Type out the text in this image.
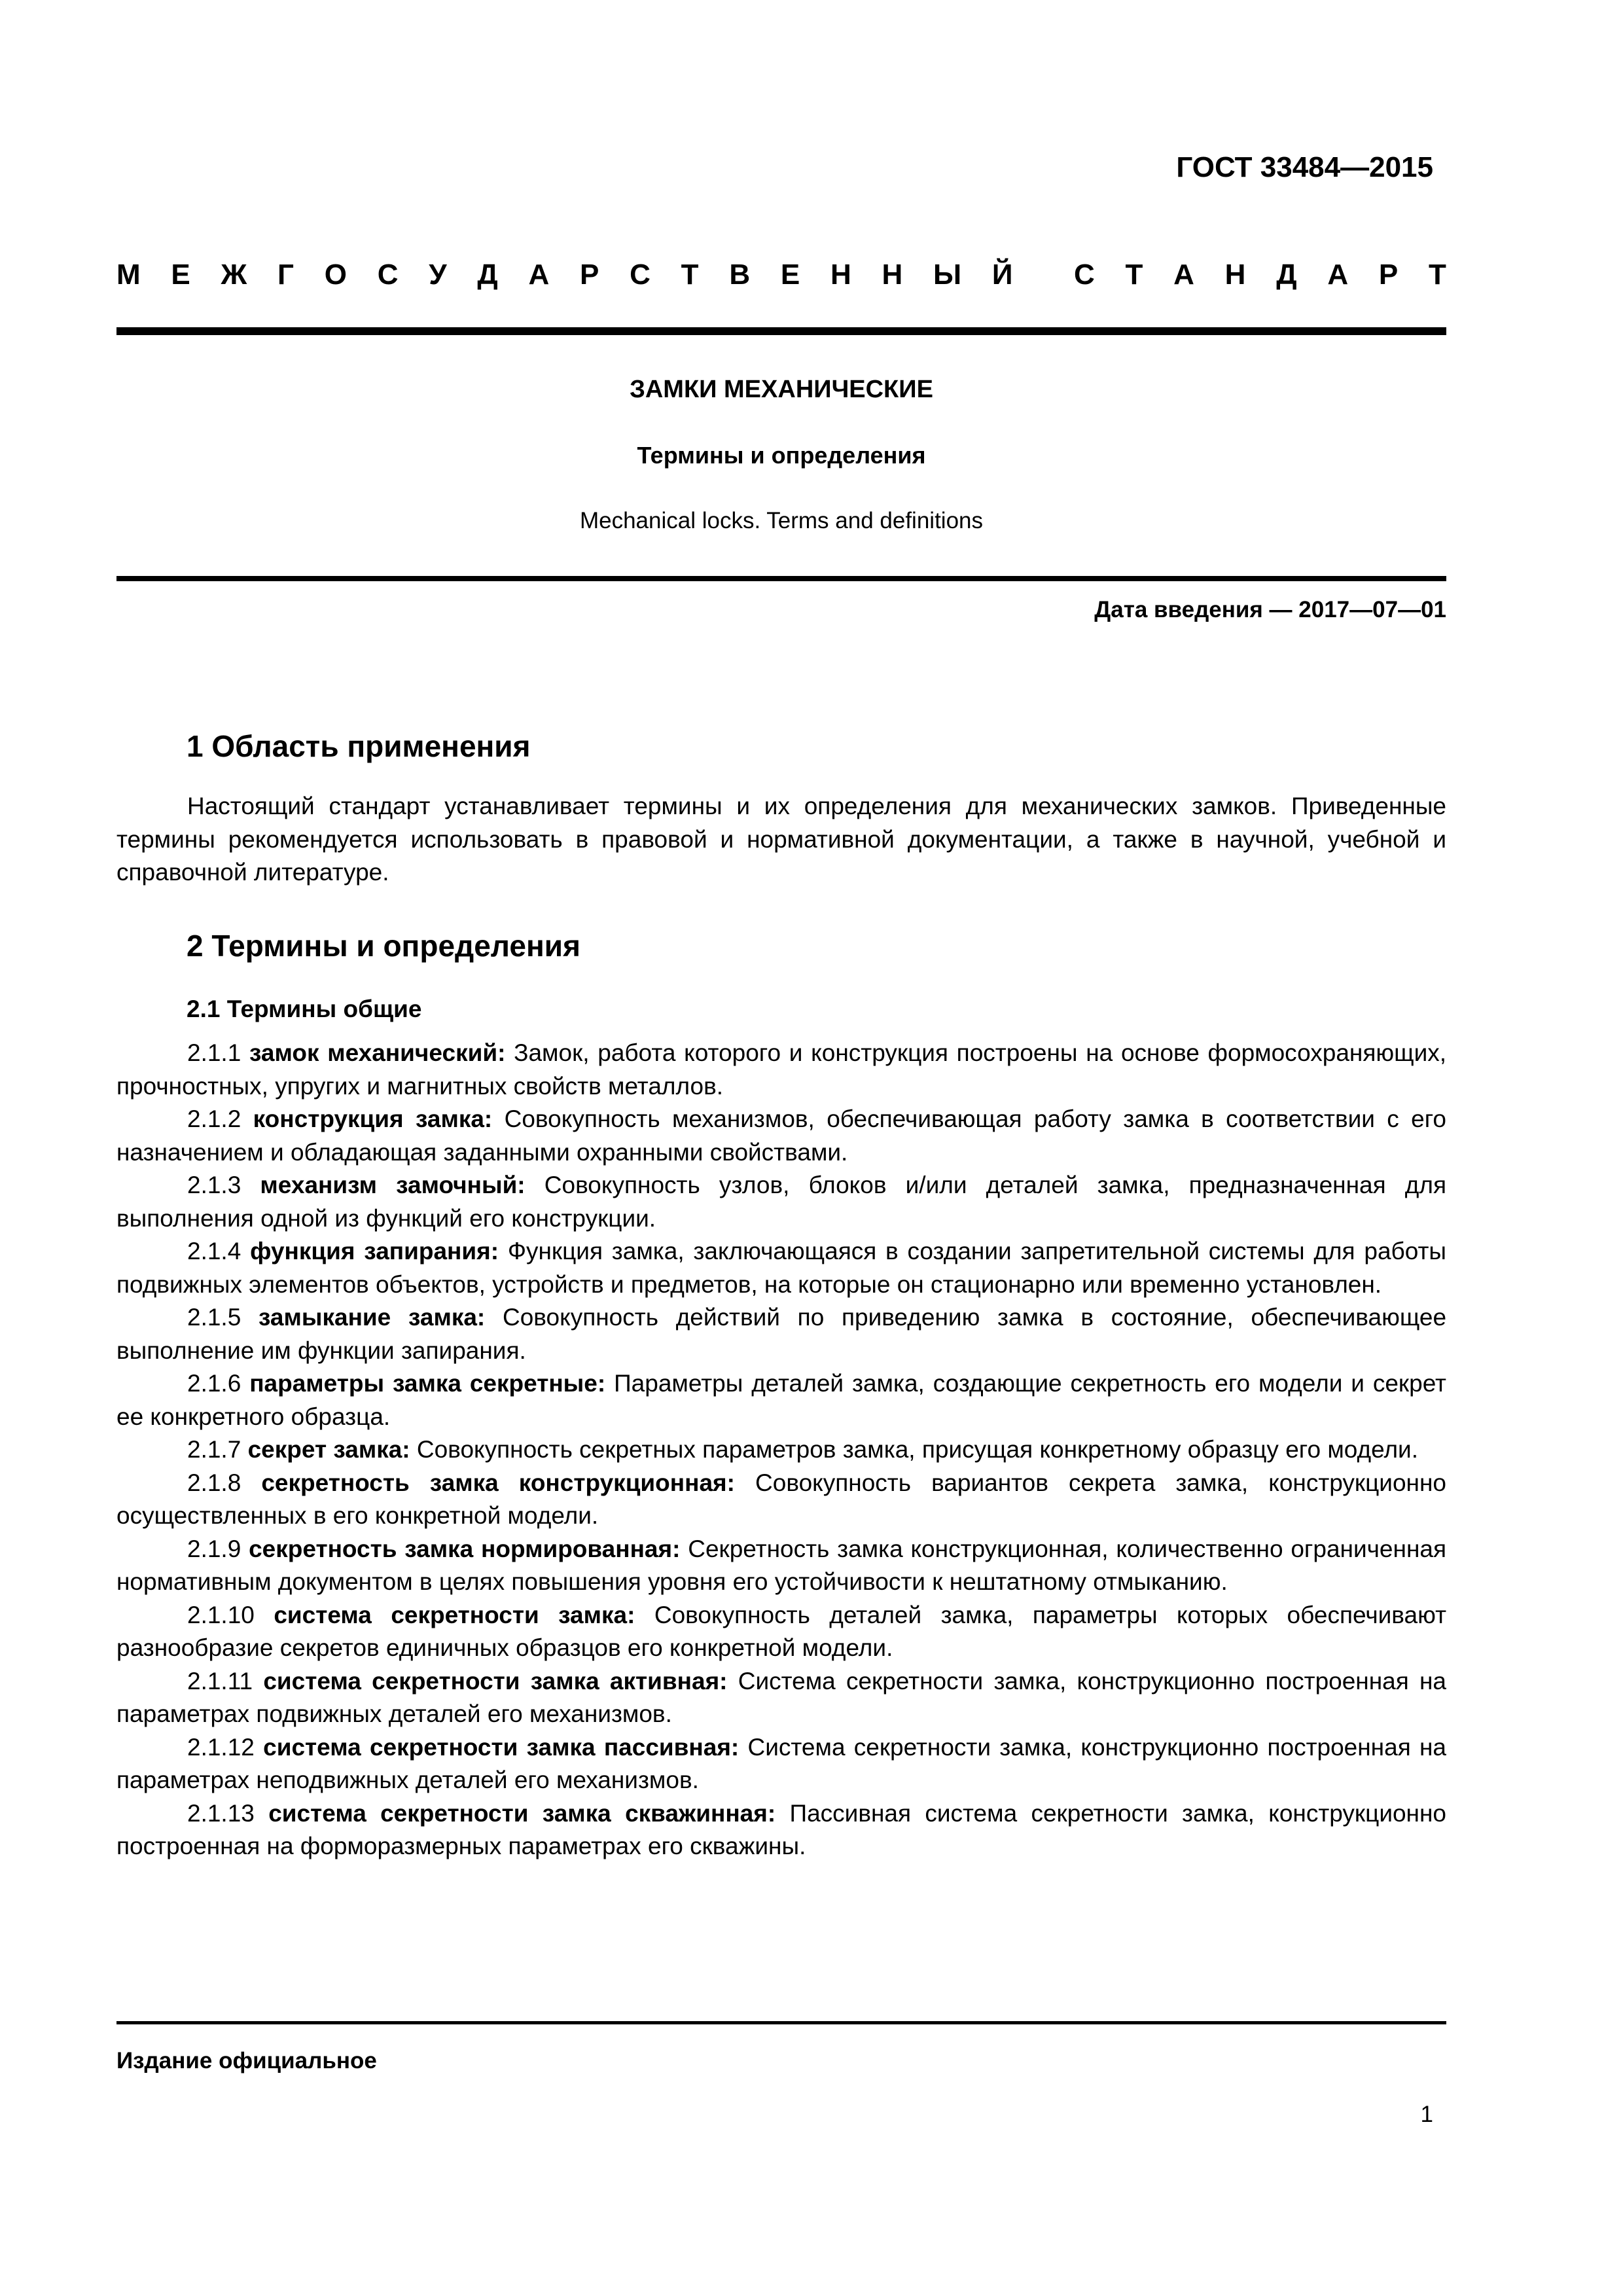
ГОСТ 33484—2015
М Е Ж Г О С У Д А Р С Т В Е Н Н Ы Й С Т А Н Д А Р Т
ЗАМКИ МЕХАНИЧЕСКИЕ
Термины и определения
Mechanical locks. Terms and definitions
Дата введения — 2017—07—01
1 Область применения
Настоящий стандарт устанавливает термины и их определения для механических замков. Приведенные термины рекомендуется использовать в правовой и нормативной документации, а также в научной, учебной и справочной литературе.
2 Термины и определения
2.1 Термины общие

2.1.1 замок механический: Замок, работа которого и конструкция построены на основе формосохраняющих, прочностных, упругих и магнитных свойств металлов.

2.1.2 конструкция замка: Совокупность механизмов, обеспечивающая работу замка в соответствии с его назначением и обладающая заданными охранными свойствами.

2.1.3 механизм замочный: Совокупность узлов, блоков и/или деталей замка, предназначенная для выполнения одной из функций его конструкции.

2.1.4 функция запирания: Функция замка, заключающаяся в создании запретительной системы для работы подвижных элементов объектов, устройств и предметов, на которые он стационарно или временно установлен.

2.1.5 замыкание замка: Совокупность действий по приведению замка в состояние, обеспечивающее выполнение им функции запирания.

2.1.6 параметры замка секретные: Параметры деталей замка, создающие секретность его модели и секрет ее конкретного образца.

2.1.7 секрет замка: Совокупность секретных параметров замка, присущая конкретному образцу его модели.

2.1.8 секретность замка конструкционная: Совокупность вариантов секрета замка, конструкционно осуществленных в его конкретной модели.

2.1.9 секретность замка нормированная: Секретность замка конструкционная, количественно ограниченная нормативным документом в целях повышения уровня его устойчивости к нештатному отмыканию.

2.1.10 система секретности замка: Совокупность деталей замка, параметры которых обеспечивают разнообразие секретов единичных образцов его конкретной модели.

2.1.11 система секретности замка активная: Система секретности замка, конструкционно построенная на параметрах подвижных деталей его механизмов.

2.1.12 система секретности замка пассивная: Система секретности замка, конструкционно построенная на параметрах неподвижных деталей его механизмов.

2.1.13 система секретности замка скважинная: Пассивная система секретности замка, конструкционно построенная на форморазмерных параметрах его скважины.

Издание официальное
1
